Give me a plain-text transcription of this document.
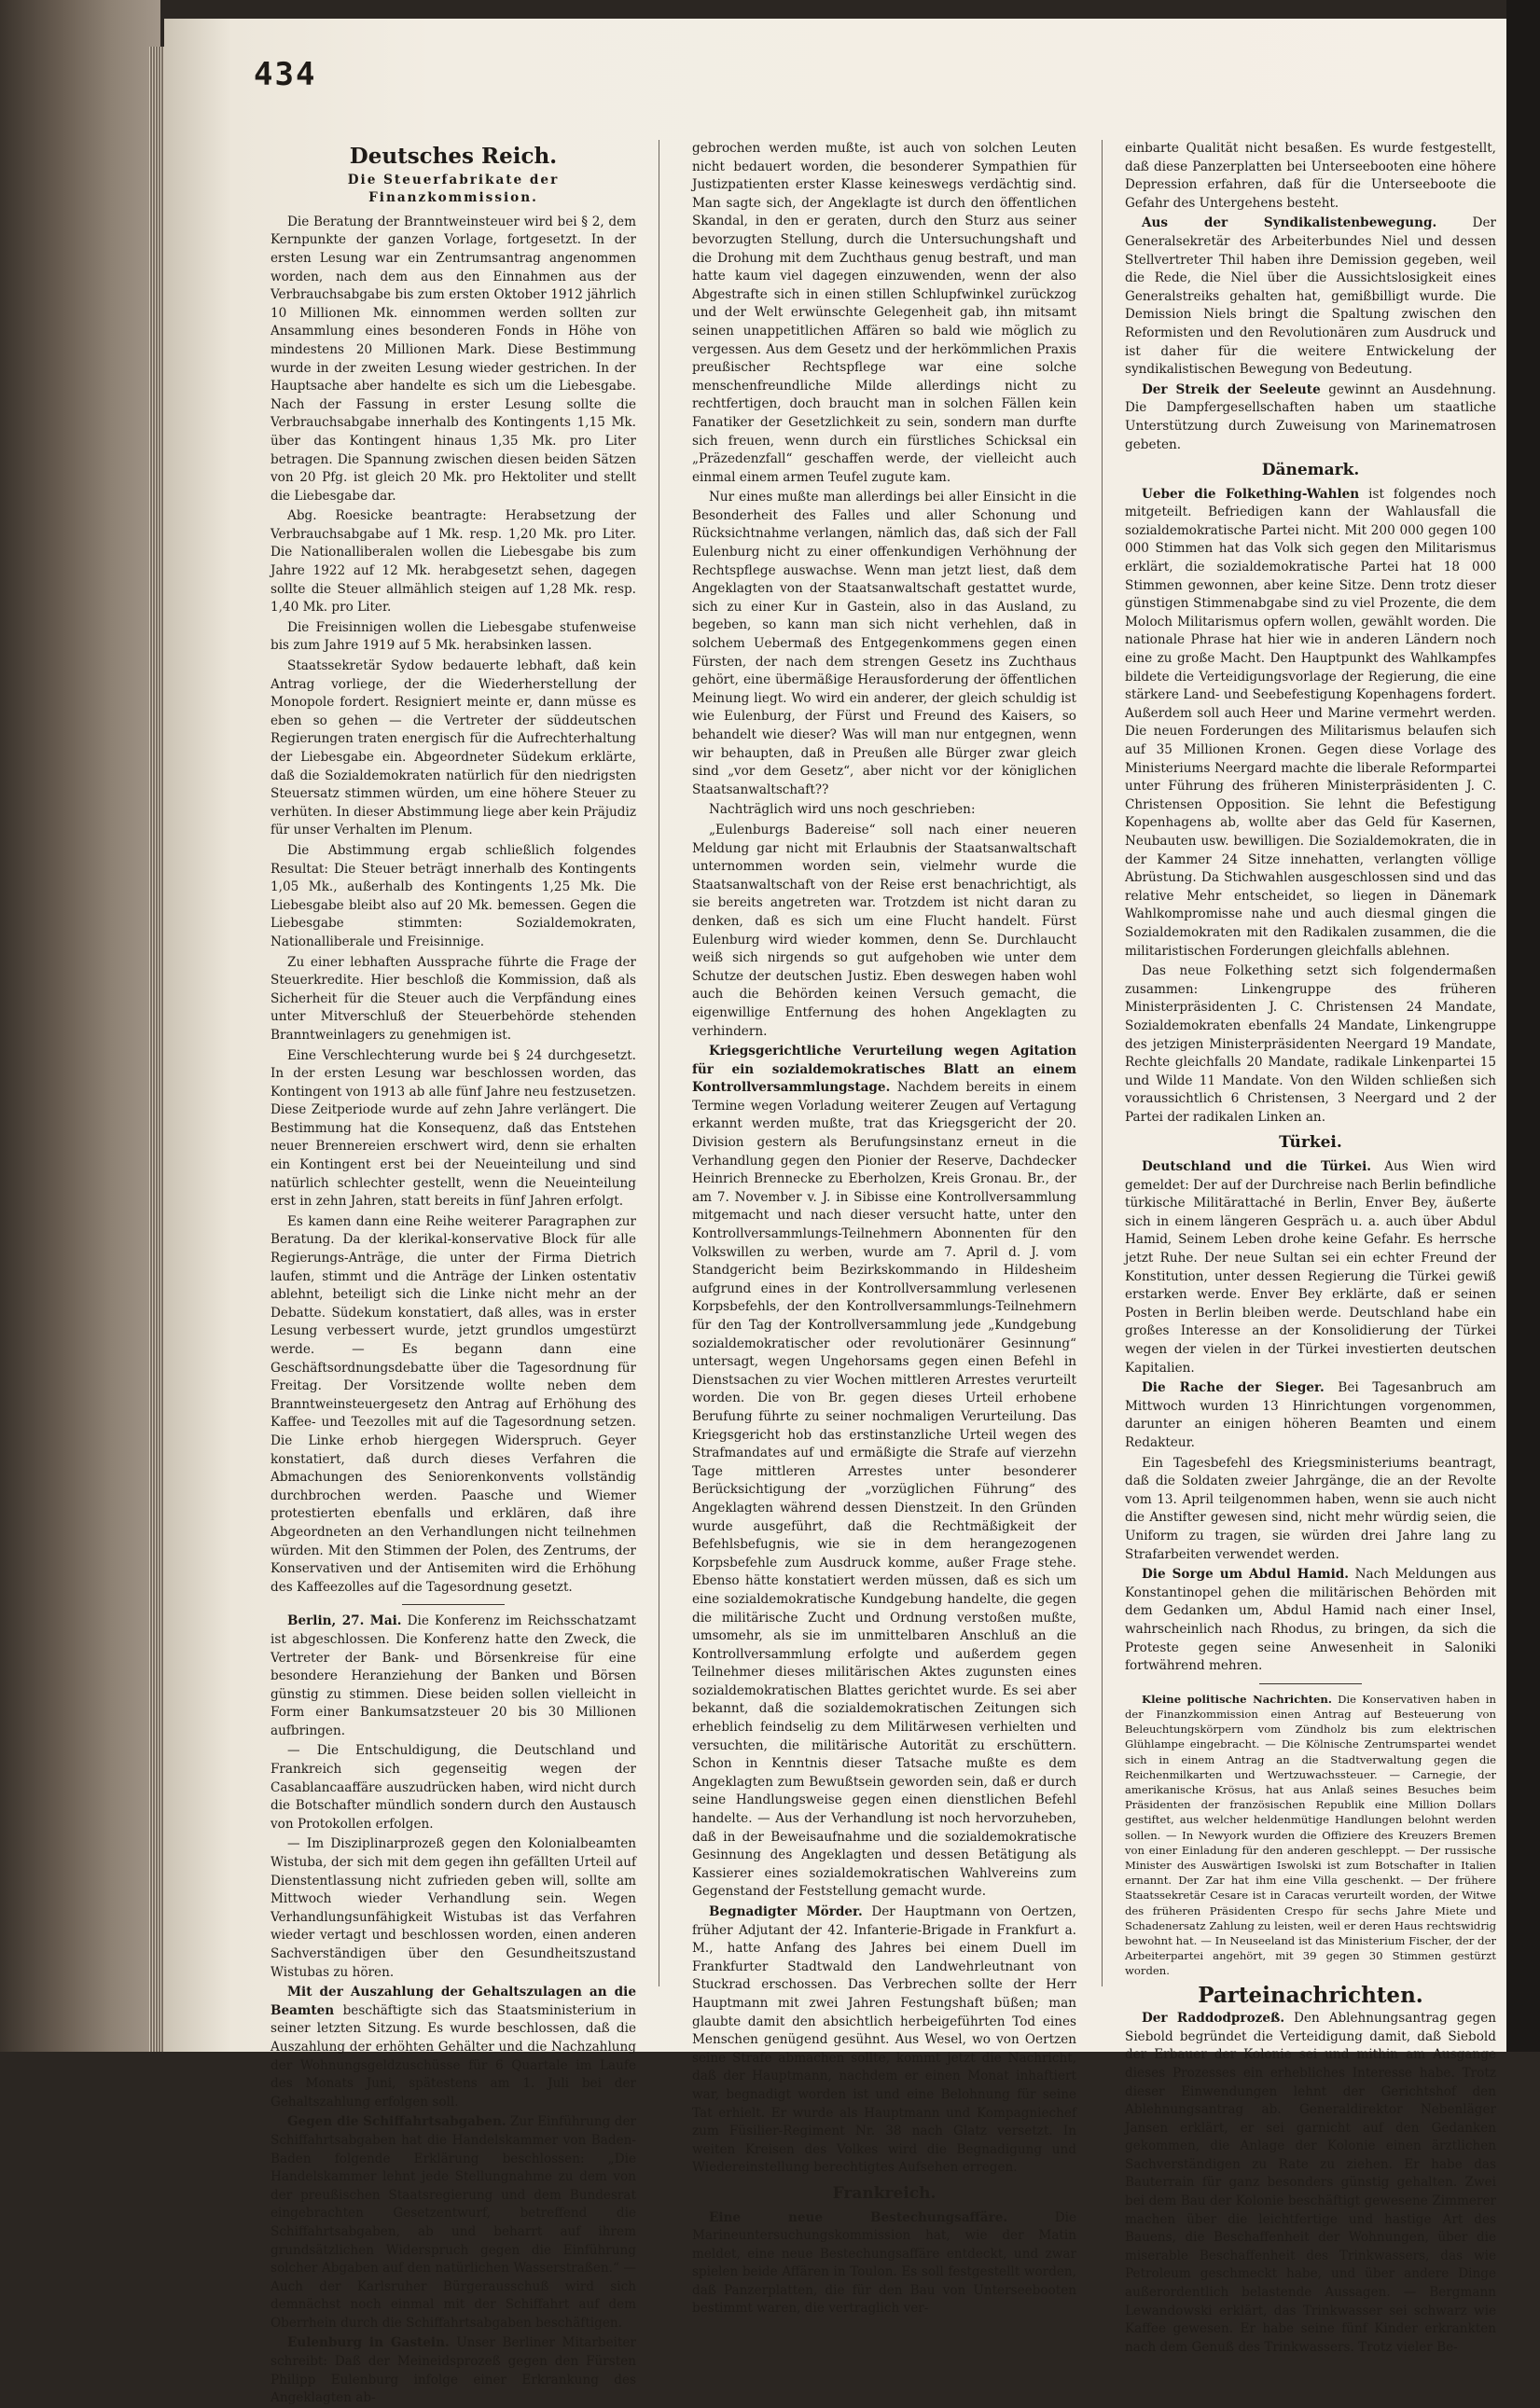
434

Deutsches Reich.

Die Steuerfabrikate der Finanzkommission.

Die Beratung der Branntweinsteuer wird bei § 2, dem Kernpunkte der ganzen Vorlage, fortgesetzt. In der ersten Lesung war ein Zentrumsantrag angenommen worden, nach dem aus den Einnahmen aus der Verbrauchsabgabe bis zum ersten Oktober 1912 jährlich 10 Millionen Mk. einnommen werden sollten zur Ansammlung eines besonderen Fonds in Höhe von mindestens 20 Millionen Mark. Diese Bestimmung wurde in der zweiten Lesung wieder gestrichen. In der Hauptsache aber handelte es sich um die Liebesgabe. Nach der Fassung in erster Lesung sollte die Verbrauchsabgabe innerhalb des Kontingents 1,15 Mk. über das Kontingent hinaus 1,35 Mk. pro Liter betragen. Die Spannung zwischen diesen beiden Sätzen von 20 Pfg. ist gleich 20 Mk. pro Hektoliter und stellt die Liebesgabe dar.

Abg. Roesicke beantragte: Herabsetzung der Verbrauchsabgabe auf 1 Mk. resp. 1,20 Mk. pro Liter. Die Nationalliberalen wollen die Liebesgabe bis zum Jahre 1922 auf 12 Mk. herabgesetzt sehen, dagegen sollte die Steuer allmählich steigen auf 1,28 Mk. resp. 1,40 Mk. pro Liter.

Die Freisinnigen wollen die Liebesgabe stufenweise bis zum Jahre 1919 auf 5 Mk. herabsinken lassen.

Staatssekretär Sydow bedauerte lebhaft, daß kein Antrag vorliege, der die Wiederherstellung der Monopole fordert. Resigniert meinte er, dann müsse es eben so gehen — die Vertreter der süddeutschen Regierungen traten energisch für die Aufrechterhaltung der Liebesgabe ein. Abgeordneter Südekum erklärte, daß die Sozialdemokraten natürlich für den niedrigsten Steuersatz stimmen würden, um eine höhere Steuer zu verhüten. In dieser Abstimmung liege aber kein Präjudiz für unser Verhalten im Plenum.

Die Abstimmung ergab schließlich folgendes Resultat: Die Steuer beträgt innerhalb des Kontingents 1,05 Mk., außerhalb des Kontingents 1,25 Mk. Die Liebesgabe bleibt also auf 20 Mk. bemessen. Gegen die Liebesgabe stimmten: Sozialdemokraten, Nationalliberale und Freisinnige.

Zu einer lebhaften Aussprache führte die Frage der Steuerkredite. Hier beschloß die Kommission, daß als Sicherheit für die Steuer auch die Verpfändung eines unter Mitverschluß der Steuerbehörde stehenden Branntweinlagers zu genehmigen ist.

Eine Verschlechterung wurde bei § 24 durchgesetzt. In der ersten Lesung war beschlossen worden, das Kontingent von 1913 ab alle fünf Jahre neu festzusetzen. Diese Zeitperiode wurde auf zehn Jahre verlängert. Die Bestimmung hat die Konsequenz, daß das Entstehen neuer Brennereien erschwert wird, denn sie erhalten ein Kontingent erst bei der Neueinteilung und sind natürlich schlechter gestellt, wenn die Neueinteilung erst in zehn Jahren, statt bereits in fünf Jahren erfolgt.

Es kamen dann eine Reihe weiterer Paragraphen zur Beratung. Da der klerikal-konservative Block für alle Regierungs-Anträge, die unter der Firma Dietrich laufen, stimmt und die Anträge der Linken ostentativ ablehnt, beteiligt sich die Linke nicht mehr an der Debatte. Südekum konstatiert, daß alles, was in erster Lesung verbessert wurde, jetzt grundlos umgestürzt werde. — Es begann dann eine Geschäftsordnungsdebatte über die Tagesordnung für Freitag. Der Vorsitzende wollte neben dem Branntweinsteuergesetz den Antrag auf Erhöhung des Kaffee- und Teezolles mit auf die Tagesordnung setzen. Die Linke erhob hiergegen Widerspruch. Geyer konstatiert, daß durch dieses Verfahren die Abmachungen des Seniorenkonvents vollständig durchbrochen werden. Paasche und Wiemer protestierten ebenfalls und erklären, daß ihre Abgeordneten an den Verhandlungen nicht teilnehmen würden. Mit den Stimmen der Polen, des Zentrums, der Konservativen und der Antisemiten wird die Erhöhung des Kaffeezolles auf die Tagesordnung gesetzt.

Berlin, 27. Mai. Die Konferenz im Reichsschatzamt ist abgeschlossen. Die Konferenz hatte den Zweck, die Vertreter der Bank- und Börsenkreise für eine besondere Heranziehung der Banken und Börsen günstig zu stimmen. Diese beiden sollen vielleicht in Form einer Bankumsatzsteuer 20 bis 30 Millionen aufbringen.

— Die Entschuldigung, die Deutschland und Frankreich sich gegenseitig wegen der Casablancaaffäre auszudrücken haben, wird nicht durch die Botschafter mündlich sondern durch den Austausch von Protokollen erfolgen.

— Im Disziplinarprozeß gegen den Kolonialbeamten Wistuba, der sich mit dem gegen ihn gefällten Urteil auf Dienstentlassung nicht zufrieden geben will, sollte am Mittwoch wieder Verhandlung sein. Wegen Verhandlungsunfähigkeit Wistubas ist das Verfahren wieder vertagt und beschlossen worden, einen anderen Sachverständigen über den Gesundheitszustand Wistubas zu hören.

Mit der Auszahlung der Gehaltszulagen an die Beamten beschäftigte sich das Staatsministerium in seiner letzten Sitzung. Es wurde beschlossen, daß die Auszahlung der erhöhten Gehälter und die Nachzahlung der Wohnungsgeldzuschüsse für 6 Quartale im Laufe des Monats Juni, spätestens am 1. Juli bei der Gehaltszahlung erfolgen soll.

Gegen die Schiffahrtsabgaben. Zur Einführung der Schiffahrtsabgaben hat die Handelskammer von Baden-Baden folgende Erklärung beschlossen: „Die Handelskammer lehnt jede Stellungnahme zu dem von der preußischen Staatsregierung und dem Bundesrat eingebrachten Gesetzentwurf, betreffend die Schiffahrtsabgaben, ab und beharrt auf ihrem grundsätzlichen Widerspruch gegen die Einführung solcher Abgaben auf den natürlichen Wasserstraßen.“ — Auch der Karlsruher Bürgerausschuß wird sich demnächst noch einmal mit der Schiffahrt auf dem Oberrhein durch die Schiffahrtsabgaben beschäftigen.

Eulenburg in Gastein. Unser Berliner Mitarbeiter schreibt: Daß der Meineidsprozeß gegen den Fürsten Philipp Eulenburg infolge einer Erkrankung des Angeklagten ab-

gebrochen werden mußte, ist auch von solchen Leuten nicht bedauert worden, die besonderer Sympathien für Justizpatienten erster Klasse keineswegs verdächtig sind. Man sagte sich, der Angeklagte ist durch den öffentlichen Skandal, in den er geraten, durch den Sturz aus seiner bevorzugten Stellung, durch die Untersuchungshaft und die Drohung mit dem Zuchthaus genug bestraft, und man hatte kaum viel dagegen einzuwenden, wenn der also Abgestrafte sich in einen stillen Schlupfwinkel zurückzog und der Welt erwünschte Gelegenheit gab, ihn mitsamt seinen unappetitlichen Affären so bald wie möglich zu vergessen. Aus dem Gesetz und der herkömmlichen Praxis preußischer Rechtspflege war eine solche menschenfreundliche Milde allerdings nicht zu rechtfertigen, doch braucht man in solchen Fällen kein Fanatiker der Gesetzlichkeit zu sein, sondern man durfte sich freuen, wenn durch ein fürstliches Schicksal ein „Präzedenzfall“ geschaffen werde, der vielleicht auch einmal einem armen Teufel zugute kam.

Nur eines mußte man allerdings bei aller Einsicht in die Besonderheit des Falles und aller Schonung und Rücksichtnahme verlangen, nämlich das, daß sich der Fall Eulenburg nicht zu einer offenkundigen Verhöhnung der Rechtspflege auswachse. Wenn man jetzt liest, daß dem Angeklagten von der Staatsanwaltschaft gestattet wurde, sich zu einer Kur in Gastein, also in das Ausland, zu begeben, so kann man sich nicht verhehlen, daß in solchem Uebermaß des Entgegenkommens gegen einen Fürsten, der nach dem strengen Gesetz ins Zuchthaus gehört, eine übermäßige Herausforderung der öffentlichen Meinung liegt. Wo wird ein anderer, der gleich schuldig ist wie Eulenburg, der Fürst und Freund des Kaisers, so behandelt wie dieser? Was will man nur entgegnen, wenn wir behaupten, daß in Preußen alle Bürger zwar gleich sind „vor dem Gesetz“, aber nicht vor der königlichen Staatsanwaltschaft??

Nachträglich wird uns noch geschrieben:

„Eulenburgs Badereise“ soll nach einer neueren Meldung gar nicht mit Erlaubnis der Staatsanwaltschaft unternommen worden sein, vielmehr wurde die Staatsanwaltschaft von der Reise erst benachrichtigt, als sie bereits angetreten war. Trotzdem ist nicht daran zu denken, daß es sich um eine Flucht handelt. Fürst Eulenburg wird wieder kommen, denn Se. Durchlaucht weiß sich nirgends so gut aufgehoben wie unter dem Schutze der deutschen Justiz. Eben deswegen haben wohl auch die Behörden keinen Versuch gemacht, die eigenwillige Entfernung des hohen Angeklagten zu verhindern.

Kriegsgerichtliche Verurteilung wegen Agitation für ein sozialdemokratisches Blatt an einem Kontrollversammlungstage. Nachdem bereits in einem Termine wegen Vorladung weiterer Zeugen auf Vertagung erkannt werden mußte, trat das Kriegsgericht der 20. Division gestern als Berufungsinstanz erneut in die Verhandlung gegen den Pionier der Reserve, Dachdecker Heinrich Brennecke zu Eberholzen, Kreis Gronau. Br., der am 7. November v. J. in Sibisse eine Kontrollversammlung mitgemacht und nach dieser versucht hatte, unter den Kontrollversammlungs-Teilnehmern Abonnenten für den Volkswillen zu werben, wurde am 7. April d. J. vom Standgericht beim Bezirkskommando in Hildesheim aufgrund eines in der Kontrollversammlung verlesenen Korpsbefehls, der den Kontrollversammlungs-Teilnehmern für den Tag der Kontrollversammlung jede „Kundgebung sozialdemokratischer oder revolutionärer Gesinnung“ untersagt, wegen Ungehorsams gegen einen Befehl in Dienstsachen zu vier Wochen mittleren Arrestes verurteilt worden. Die von Br. gegen dieses Urteil erhobene Berufung führte zu seiner nochmaligen Verurteilung. Das Kriegsgericht hob das erstinstanzliche Urteil wegen des Strafmandates auf und ermäßigte die Strafe auf vierzehn Tage mittleren Arrestes unter besonderer Berücksichtigung der „vorzüglichen Führung“ des Angeklagten während dessen Dienstzeit. In den Gründen wurde ausgeführt, daß die Rechtmäßigkeit der Befehlsbefugnis, wie sie in dem herangezogenen Korpsbefehle zum Ausdruck komme, außer Frage stehe. Ebenso hätte konstatiert werden müssen, daß es sich um eine sozialdemokratische Kundgebung handelte, die gegen die militärische Zucht und Ordnung verstoßen mußte, umsomehr, als sie im unmittelbaren Anschluß an die Kontrollversammlung erfolgte und außerdem gegen Teilnehmer dieses militärischen Aktes zugunsten eines sozialdemokratischen Blattes gerichtet wurde. Es sei aber bekannt, daß die sozialdemokratischen Zeitungen sich erheblich feindselig zu dem Militärwesen verhielten und versuchten, die militärische Autorität zu erschüttern. Schon in Kenntnis dieser Tatsache mußte es dem Angeklagten zum Bewußtsein geworden sein, daß er durch seine Handlungsweise gegen einen dienstlichen Befehl handelte. — Aus der Verhandlung ist noch hervorzuheben, daß in der Beweisaufnahme und die sozialdemokratische Gesinnung des Angeklagten und dessen Betätigung als Kassierer eines sozialdemokratischen Wahlvereins zum Gegenstand der Feststellung gemacht wurde.

Begnadigter Mörder. Der Hauptmann von Oertzen, früher Adjutant der 42. Infanterie-Brigade in Frankfurt a. M., hatte Anfang des Jahres bei einem Duell im Frankfurter Stadtwald den Landwehrleutnant von Stuckrad erschossen. Das Verbrechen sollte der Herr Hauptmann mit zwei Jahren Festungshaft büßen; man glaubte damit den absichtlich herbeigeführten Tod eines Menschen genügend gesühnt. Aus Wesel, wo von Oertzen seine Strafe abmachen sollte, kommt jetzt die Nachricht, daß der Hauptmann, nachdem er einen Monat inhaftiert war, begnadigt worden ist und eine Belohnung für seine Tat erhielt. Er wurde als Hauptmann und Kompagniechef zum Füsilier-Regiment Nr. 38 nach Glatz versetzt. In weiten Kreisen des Volkes wird die Begnadigung und Wiedereinstellung berechtigtes Aufsehen erregen.

Frankreich.

Eine neue Bestechungsaffäre.	Die Marineuntersuchungskommission hat, wie der Matin meldet, eine neue Bestechungsaffäre entdeckt, und zwar spielen beide Affären in Toulon. Es soll festgestellt worden, daß Panzerplatten, die für den Bau von Unterseebooten bestimmt waren, die vertraglich ver-

einbarte Qualität nicht besaßen. Es wurde festgestellt, daß diese Panzerplatten bei Unterseebooten eine höhere Depression erfahren, daß für die Unterseeboote die Gefahr des Untergehens besteht.

Aus der Syndikalistenbewegung.	Der Generalsekretär des Arbeiterbundes Niel und dessen Stellvertreter Thil haben ihre Demission gegeben, weil die Rede, die Niel über die Aussichtslosigkeit eines Generalstreiks gehalten hat, gemißbilligt wurde. Die Demission Niels bringt die Spaltung zwischen den Reformisten und den Revolutionären zum Ausdruck und ist daher für die weitere Entwickelung der syndikalistischen Bewegung von Bedeutung.

Der Streik der Seeleute gewinnt an Ausdehnung. Die Dampfergesellschaften haben um staatliche Unterstützung durch Zuweisung von Marinematrosen gebeten.

Dänemark.

Ueber die Folkething-Wahlen ist folgendes noch mitgeteilt. Befriedigen kann der Wahlausfall die sozialdemokratische Partei nicht. Mit 200 000 gegen 100 000 Stimmen hat das Volk sich gegen den Militarismus erklärt, die sozialdemokratische Partei hat 18 000 Stimmen gewonnen, aber keine Sitze. Denn trotz dieser günstigen Stimmenabgabe sind zu viel Prozente, die dem Moloch Militarismus opfern wollen, gewählt worden. Die nationale Phrase hat hier wie in anderen Ländern noch eine zu große Macht. Den Hauptpunkt des Wahlkampfes bildete die Verteidigungsvorlage der Regierung, die eine stärkere Land- und Seebefestigung Kopenhagens fordert. Außerdem soll auch Heer und Marine vermehrt werden. Die neuen Forderungen des Militarismus belaufen sich auf 35 Millionen Kronen. Gegen diese Vorlage des Ministeriums Neergard machte die liberale Reformpartei unter Führung des früheren Ministerpräsidenten J. C. Christensen Opposition. Sie lehnt die Befestigung Kopenhagens ab, wollte aber das Geld für Kasernen, Neubauten usw. bewilligen. Die Sozialdemokraten, die in der Kammer 24 Sitze innehatten, verlangten völlige Abrüstung. Da Stichwahlen ausgeschlossen sind und das relative Mehr entscheidet, so liegen in Dänemark Wahlkompromisse nahe und auch diesmal gingen die Sozialdemokraten mit den Radikalen zusammen, die die militaristischen Forderungen gleichfalls ablehnen.

Das neue Folkething setzt sich folgendermaßen zusammen: Linkengruppe des früheren Ministerpräsidenten J. C. Christensen 24 Mandate, Sozialdemokraten ebenfalls 24 Mandate, Linkengruppe des jetzigen Ministerpräsidenten Neergard 19 Mandate, Rechte gleichfalls 20 Mandate, radikale Linkenpartei 15 und Wilde 11 Mandate. Von den Wilden schließen sich voraussichtlich 6 Christensen, 3 Neergard und 2 der Partei der radikalen Linken an.

Türkei.

Deutschland und die Türkei. Aus Wien wird gemeldet: Der auf der Durchreise nach Berlin befindliche türkische Militärattaché in Berlin, Enver Bey, äußerte sich in einem längeren Gespräch u. a. auch über Abdul Hamid, Seinem Leben drohe keine Gefahr. Es herrsche jetzt Ruhe. Der neue Sultan sei ein echter Freund der Konstitution, unter dessen Regierung die Türkei gewiß erstarken werde. Enver Bey erklärte, daß er seinen Posten in Berlin bleiben werde. Deutschland habe ein großes Interesse an der Konsolidierung der Türkei wegen der vielen in der Türkei investierten deutschen Kapitalien.

Die Rache der Sieger. Bei Tagesanbruch am Mittwoch wurden 13 Hinrichtungen vorgenommen, darunter an einigen höheren Beamten und einem Redakteur.

Ein Tagesbefehl des Kriegsministeriums beantragt, daß die Soldaten zweier Jahrgänge, die an der Revolte vom 13. April teilgenommen haben, wenn sie auch nicht die Anstifter gewesen sind, nicht mehr würdig seien, die Uniform zu tragen, sie würden drei Jahre lang zu Strafarbeiten verwendet werden.

Die Sorge um Abdul Hamid. Nach Meldungen aus Konstantinopel gehen die militärischen Behörden mit dem Gedanken um, Abdul Hamid nach einer Insel, wahrscheinlich nach Rhodus, zu bringen, da sich die Proteste gegen seine Anwesenheit in Saloniki fortwährend mehren.

Kleine politische Nachrichten. Die Konservativen haben in der Finanzkommission einen Antrag auf Besteuerung von Beleuchtungskörpern vom Zündholz bis zum elektrischen Glühlampe eingebracht. — Die Kölnische Zentrumspartei wendet sich in einem Antrag an die Stadtverwaltung gegen die Reichenmilkarten und Wertzuwachssteuer. — Carnegie, der amerikanische Krösus, hat aus Anlaß seines Besuches beim Präsidenten der französischen Republik eine Million Dollars gestiftet, aus welcher heldenmütige Handlungen belohnt werden sollen. — In Newyork wurden die Offiziere des Kreuzers Bremen von einer Einladung für den anderen geschleppt. — Der russische Minister des Auswärtigen Iswolski ist zum Botschafter in Italien ernannt. Der Zar hat ihm eine Villa geschenkt. — Der frühere Staatssekretär Cesare ist in Caracas verurteilt worden, der Witwe des früheren Präsidenten Crespo für sechs Jahre Miete und Schadenersatz Zahlung zu leisten, weil er deren Haus rechtswidrig bewohnt hat. — In Neuseeland ist das Ministerium Fischer, der der Arbeiterpartei angehört, mit 39 gegen 30 Stimmen gestürzt worden.

Parteinachrichten.

Der Raddodprozeß. Den Ablehnungsantrag gegen Siebold begründet die Verteidigung damit, daß Siebold der Erbauer der Kolonie sei und mithin am Ausgange dieses Prozesses ein erhebliches Interesse habe. Trotz dieser Einwendungen lehnt der Gerichtshof den Ablehnungsantrag ab. Generaldirektor Nebenläger Jansen erklärt, er sei garnicht auf den Gedanken gekommen, die Anlage der Kolonie einen ärztlichen Sachverständigen zu Rate zu ziehen. Er habe das Bauterrain für ganz besonders günstig gehalten. Zwei bei dem Bau der Kolonie beschäftigt gewesene Zimmerer machen über die leichtfertige und hastige Art des Bauens, die Beschaffenheit der Wohnungen, über die miserable Beschaffenheit des Trinkwassers, das wie Petroleum geschmeckt habe, und über andere Dinge außerordentlich belastende Aussagen. — Bergmann Lewandowski erklärt, das Trinkwasser sei schwarz wie Kaffee gewesen. Er habe seine fünf Kinder erkrankten nach dem Genuß des Trinkwassers. Trotz vieler Be-
